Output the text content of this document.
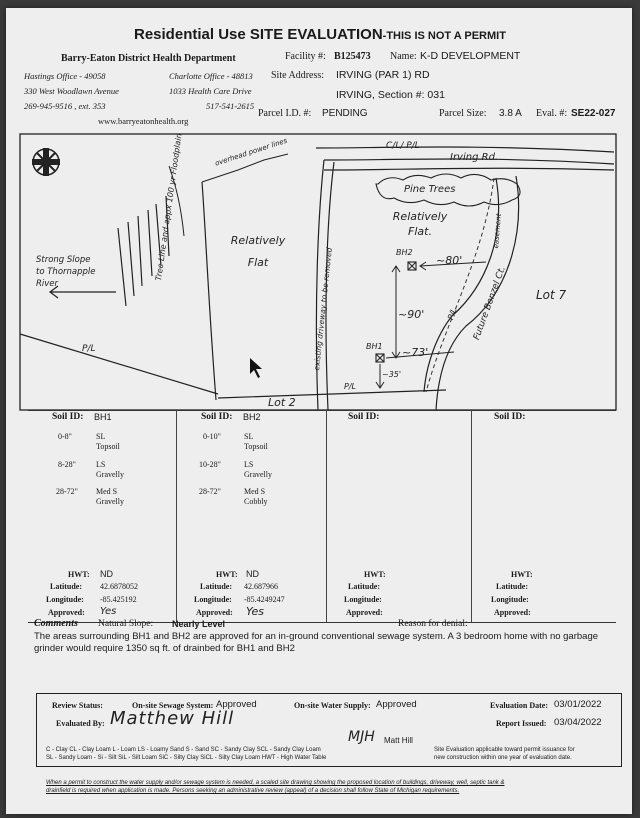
Residential Use SITE EVALUATION-THIS IS NOT A PERMIT
Barry-Eaton District Health Department
Hastings Office - 49058
330 West Woodlawn Avenue
269-945-9516 , ext. 353
Charlotte Office - 48813
1033 Health Care Drive
517-541-2615
www.barryeatonhealth.org
Facility #: B125473 Name: K-D DEVELOPMENT
Site Address: IRVING (PAR 1) RD
IRVING, Section #: 031
Parcel I.D. #: PENDING	Parcel Size: 3.8 A Eval. #: SE22-027
C/L/ P/L
Irving Rd.
Pine Trees
Relatively Flat.
Relatively Flat
Strong Slope to Thornapple River
Tree Line and appx 100 yr Floodplain	overhead power lines
existing driveway to be removed	Future Bonzel Ct.
easement
P/L
P/L
P/L
BH2
BH1
~80'
~90'
~73'
~35'
Lot 2
Lot 7
Soil ID: BH1
0-8"	SL
Topsoil
8-28"	LS
Gravelly
28-72" Med S
Gravelly
HWT: ND
Latitude: 42.6878052
Longitude: -85.425192
Approved: Yes
Soil ID: BH2
0-10"	SL
Topsoil
10-28"	LS
Gravelly
28-72"	Med S
Cobbly
HWT: ND
Latitude: 42.687966
Longitude: -85.4249247
Approved: Yes
Soil ID:
HWT:
Latitude:
Longitude:
Approved:
Soil ID:
HWT:
Latitude:
Longitude:
Approved:
Comments Natural Slope: Nearly Level	Reason for denial:
The areas surrounding BH1 and BH2 are approved for an in-ground conventional sewage system. A 3 bedroom home with no garbage grinder would require 1350 sq ft. of drainbed for BH1 and BH2
Review Status:	On-site Sewage System: Approved	On-site Water Supply: Approved	Evaluation Date: 03/01/2022
Evaluated By: Matthew Hill	Report Issued: 03/04/2022
MJH Matt Hill
C - Clay CL - Clay Loam L - Loam LS - Loamy Sand S - Sand SC - Sandy Clay SCL - Sandy Clay Loam
SL - Sandy Loam - Si - Silt SiL - Silt Loam SiC - Silty Clay SiCL - Silty Clay Loam HWT - High Water Table
Site Evaluation applicable toward permit issuance for
new construction within one year of evaluation date.
When a permit to construct the water supply and/or sewage system is needed, a scaled site drawing showing the proposed location of buildings, driveway, well, septic tank &
drainfield is required when application is made. Persons seeking an administrative review (appeal) of a decision shall follow State of Michigan requirements.
